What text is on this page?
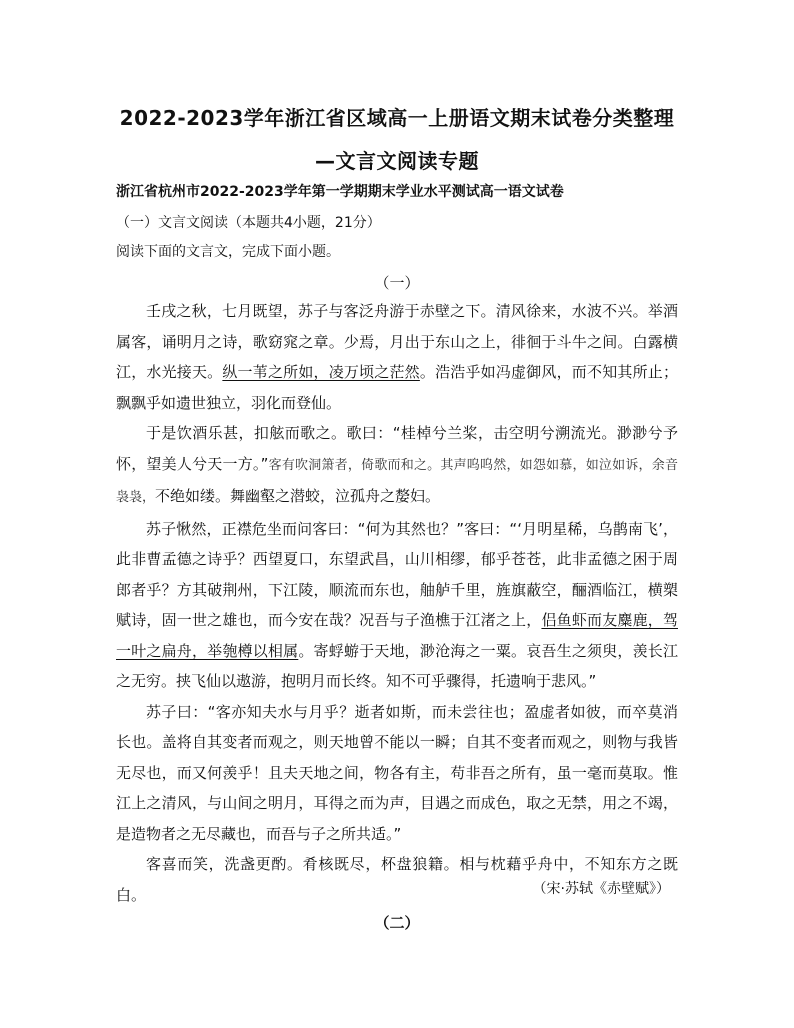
2022-2023学年浙江省区域高一上册语文期末试卷分类整理
—文言文阅读专题
浙江省杭州市2022-2023学年第一学期期末学业水平测试高一语文试卷
（一）文言文阅读（本题共4小题，21分）
阅读下面的文言文，完成下面小题。
（一）

壬戌之秋，七月既望，苏子与客泛舟游于赤壁之下。清风徐来，水波不兴。举酒属客，诵明月之诗，歌窈窕之章。少焉，月出于东山之上，徘徊于斗牛之间。白露横江，水光接天。纵一苇之所如，凌万顷之茫然。浩浩乎如冯虚御风，而不知其所止；飘飘乎如遗世独立，羽化而登仙。

于是饮酒乐甚，扣舷而歌之。歌曰：“桂棹兮兰桨，击空明兮溯流光。渺渺兮予怀，望美人兮天一方。”客有吹洞箫者，倚歌而和之。其声呜呜然，如怨如慕，如泣如诉，余音袅袅，不绝如缕。舞幽壑之潜蛟，泣孤舟之嫠妇。

苏子愀然，正襟危坐而问客曰：“何为其然也？”客曰：“‘月明星稀，乌鹊南飞’，此非曹孟德之诗乎？西望夏口，东望武昌，山川相缪，郁乎苍苍，此非孟德之困于周郎者乎？方其破荆州，下江陵，顺流而东也，舳舻千里，旌旗蔽空，酾酒临江，横槊赋诗，固一世之雄也，而今安在哉？况吾与子渔樵于江渚之上，侣鱼虾而友麋鹿，驾一叶之扁舟，举匏樽以相属。寄蜉蝣于天地，渺沧海之一粟。哀吾生之须臾，羡长江之无穷。挟飞仙以遨游，抱明月而长终。知不可乎骤得，托遗响于悲风。”

苏子曰：“客亦知夫水与月乎？逝者如斯，而未尝往也；盈虚者如彼，而卒莫消长也。盖将自其变者而观之，则天地曾不能以一瞬；自其不变者而观之，则物与我皆无尽也，而又何羡乎！且夫天地之间，物各有主，苟非吾之所有，虽一毫而莫取。惟江上之清风，与山间之明月，耳得之而为声，目遇之而成色，取之无禁，用之不竭，是造物者之无尽藏也，而吾与子之所共适。”

客喜而笑，洗盏更酌。肴核既尽，杯盘狼籍。相与枕藉乎舟中，不知东方之既白。	（宋·苏轼《赤壁赋》）
（二）
